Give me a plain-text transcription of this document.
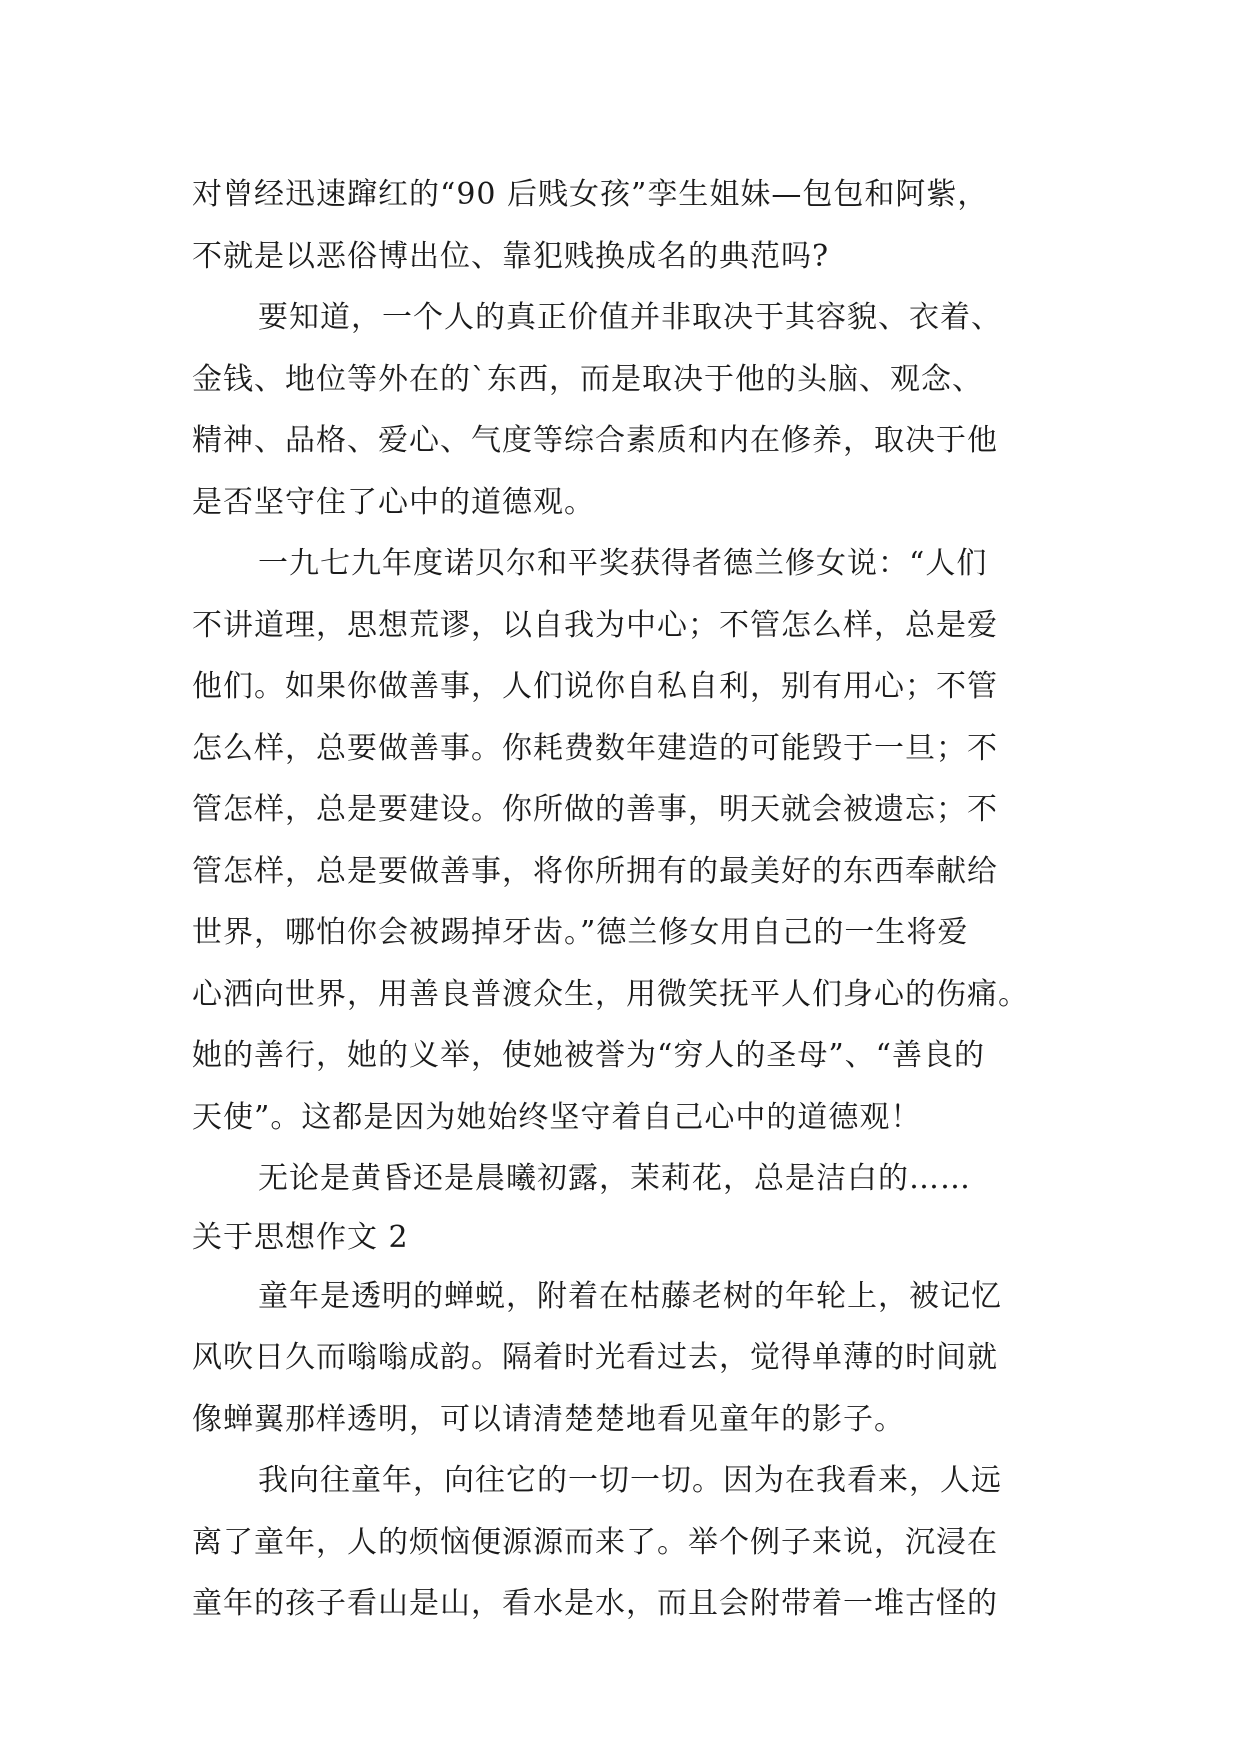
对曾经迅速蹿红的“90 后贱女孩”孪生姐妹—包包和阿紫，
不就是以恶俗博出位、靠犯贱换成名的典范吗?
要知道，一个人的真正价值并非取决于其容貌、衣着、
金钱、地位等外在的`东西，而是取决于他的头脑、观念、
精神、品格、爱心、气度等综合素质和内在修养，取决于他
是否坚守住了心中的道德观。
一九七九年度诺贝尔和平奖获得者德兰修女说：“人们
不讲道理，思想荒谬，以自我为中心；不管怎么样，总是爱
他们。如果你做善事，人们说你自私自利，别有用心；不管
怎么样，总要做善事。你耗费数年建造的可能毁于一旦；不
管怎样，总是要建设。你所做的善事，明天就会被遗忘；不
管怎样，总是要做善事，将你所拥有的最美好的东西奉献给
世界，哪怕你会被踢掉牙齿。”德兰修女用自己的一生将爱
心洒向世界，用善良普渡众生，用微笑抚平人们身心的伤痛。
她的善行，她的义举，使她被誉为“穷人的圣母”、“善良的
天使”。这都是因为她始终坚守着自己心中的道德观！
无论是黄昏还是晨曦初露，茉莉花，总是洁白的……
关于思想作文 2
童年是透明的蝉蜕，附着在枯藤老树的年轮上，被记忆
风吹日久而嗡嗡成韵。隔着时光看过去，觉得单薄的时间就
像蝉翼那样透明，可以请清楚楚地看见童年的影子。
我向往童年，向往它的一切一切。因为在我看来，人远
离了童年，人的烦恼便源源而来了。举个例子来说，沉浸在
童年的孩子看山是山，看水是水，而且会附带着一堆古怪的
